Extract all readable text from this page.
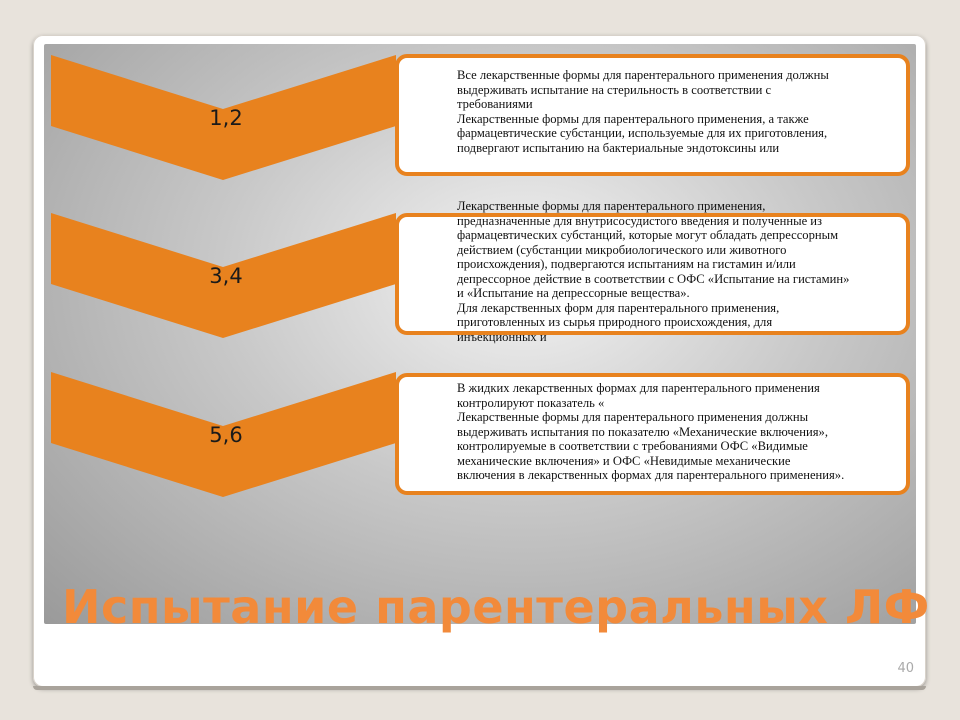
1,2
Все лекарственные формы для парентерального применения должны
выдерживать испытание на стерильность в соответствии с
требованиями
Лекарственные формы для парентерального применения, а также
фармацевтические субстанции, используемые для их приготовления,
подвергают испытанию на бактериальные эндотоксины или
3,4
Лекарственные формы для парентерального применения,
предназначенные для внутрисосудистого введения и полученные из
фармацевтических субстанций, которые могут обладать депрессорным
действием (субстанции микробиологического или животного
происхождения), подвергаются испытаниям на гистамин и/или
депрессорное действие в соответствии с ОФС «Испытание на гистамин»
и «Испытание на депрессорные вещества».
Для лекарственных форм для парентерального применения,
приготовленных из сырья природного происхождения, для
инъекционных и
5,6
В жидких лекарственных формах для парентерального применения
контролируют показатель «
Лекарственные формы для парентерального применения должны
выдерживать испытания по показателю «Механические включения»,
контролируемые в соответствии с требованиями ОФС «Видимые
механические включения» и ОФС «Невидимые механические
включения в лекарственных формах для парентерального применения».
Испытание парентеральных ЛФ
40
